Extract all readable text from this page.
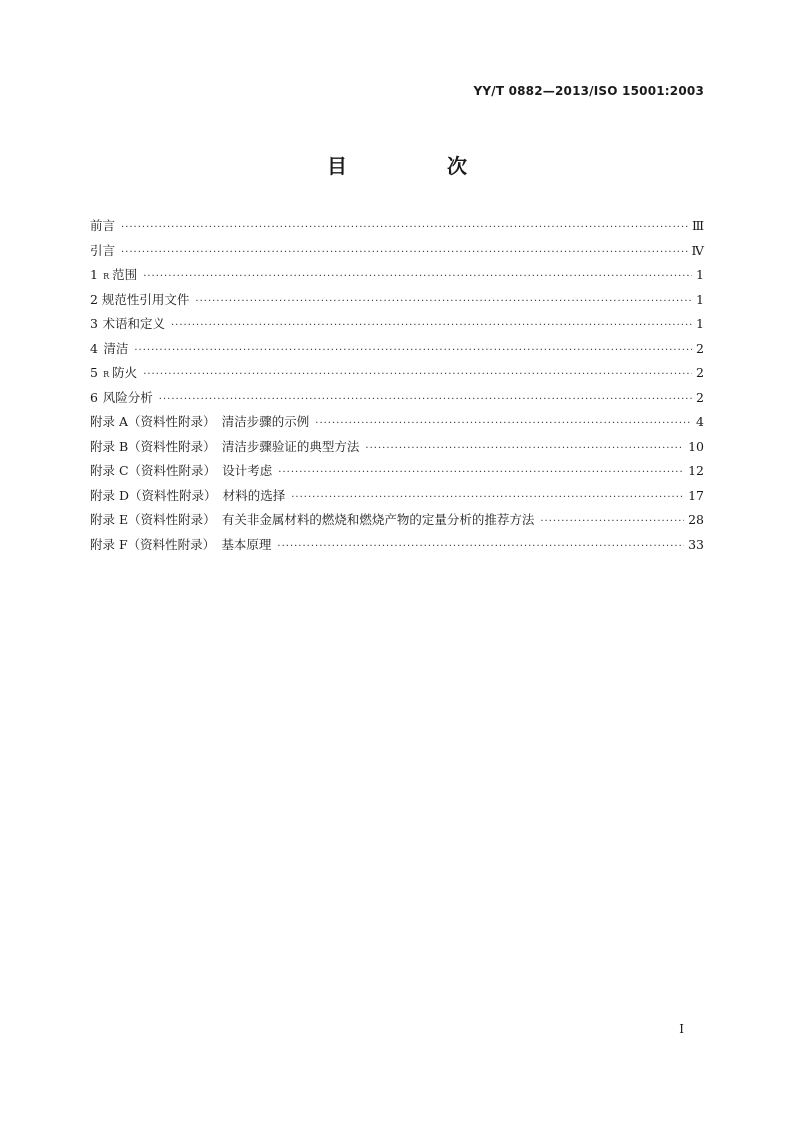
YY/T 0882—2013/ISO 15001:2003
目　次
前言 ·····	Ⅲ
引言 ·····	Ⅳ
1 R 范围 ·····	1
2 规范性引用文件 ·····	1
3 术语和定义 ·····	1
4 清洁 ·····	2
5 R 防火 ·····	2
6 风险分析 ·····	2
附录 A（资料性附录）　清洁步骤的示例 ·····	4
附录 B（资料性附录）　清洁步骤验证的典型方法 ·····	10
附录 C（资料性附录）　设计考虑 ·····	12
附录 D（资料性附录）　材料的选择 ·····	17
附录 E（资料性附录）　有关非金属材料的燃烧和燃烧产物的定量分析的推荐方法 ·····	28
附录 F（资料性附录）　基本原理 ·····	33
I
